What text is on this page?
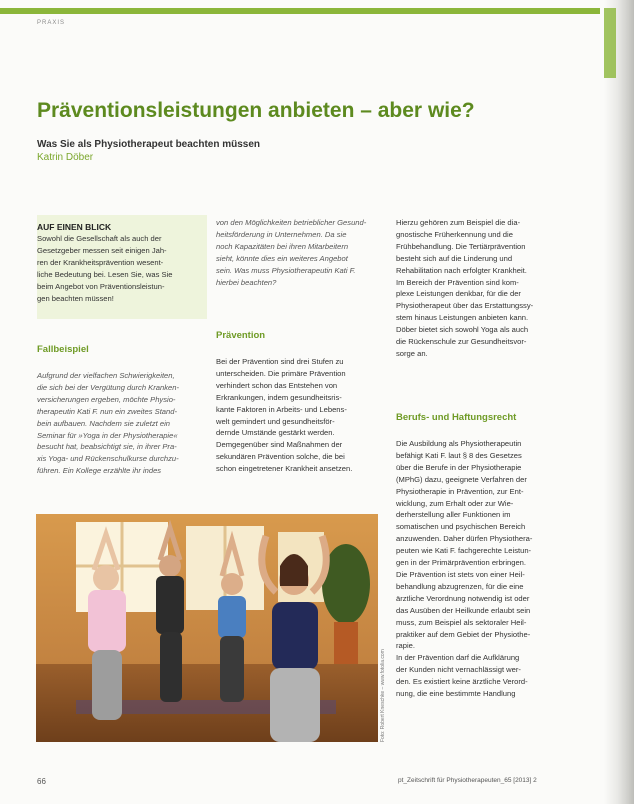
PRAXIS
Präventionsleistungen anbieten – aber wie?
Was Sie als Physiotherapeut beachten müssen
Katrin Döber
AUF EINEN BLICK

Sowohl die Gesellschaft als auch der
Gesetzgeber messen seit einigen Jah-
ren der Krankheitsprävention wesent-
liche Bedeutung bei. Lesen Sie, was Sie
beim Angebot von Präventionsleistun-
gen beachten müssen!

Fallbeispiel

Aufgrund der vielfachen Schwierigkeiten,
die sich bei der Vergütung durch Kranken-
versicherungen ergeben, möchte Physio-
therapeutin Kati F. nun ein zweites Stand-
bein aufbauen. Nachdem sie zuletzt ein
Seminar für »Yoga in der Physiotherapie«
besucht hat, beabsichtigt sie, in ihrer Pra-
xis Yoga- und Rückenschulkurse durchzu-
führen. Ein Kollege erzählte ihr indes

von den Möglichkeiten betrieblicher Gesund-
heitsförderung in Unternehmen. Da sie
noch Kapazitäten bei ihren Mitarbeitern
sieht, könnte dies ein weiteres Angebot
sein. Was muss Physiotherapeutin Kati F.
hierbei beachten?

Prävention

Bei der Prävention sind drei Stufen zu
unterscheiden. Die primäre Prävention
verhindert schon das Entstehen von
Erkrankungen, indem gesundheitsris-
kante Faktoren in Arbeits- und Lebens-
welt gemindert und gesundheitsför-
dernde Umstände gestärkt werden.
Demgegenüber sind Maßnahmen der
sekundären Prävention solche, die bei
schon eingetretener Krankheit ansetzen.

Hierzu gehören zum Beispiel die dia-
gnostische Früherkennung und die
Frühbehandlung. Die Tertiärprävention
besteht sich auf die Linderung und
Rehabilitation nach erfolgter Krankheit.
Im Bereich der Prävention sind kom-
plexe Leistungen denkbar, für die der
Physiotherapeut über das Erstattungssy-
stem hinaus Leistungen anbieten kann.
Döber bietet sich sowohl Yoga als auch
die Rückenschule zur Gesundheitsvor-
sorge an.

Berufs- und Haftungsrecht

Die Ausbildung als Physiotherapeutin
befähigt Kati F. laut § 8 des Gesetzes
über die Berufe in der Physiotherapie
(MPhG) dazu, geeignete Verfahren der
Physiotherapie in Prävention, zur Ent-
wicklung, zum Erhalt oder zur Wie-
derherstellung aller Funktionen im
somatischen und psychischen Bereich
anzuwenden. Daher dürfen Physiothera-
peuten wie Kati F. fachgerechte Leistun-
gen in der Primärprävention erbringen.
Die Prävention ist stets von einer Heil-
behandlung abzugrenzen, für die eine
ärztliche Verordnung notwendig ist oder
das Ausüben der Heilkunde erlaubt sein
muss, zum Beispiel als sektoraler Heil-
praktiker auf dem Gebiet der Physiothe-
rapie.
In der Prävention darf die Aufklärung
der Kunden nicht vernachlässigt wer-
den. Es existiert keine ärztliche Verord-
nung, die eine bestimmte Handlung

Foto: Robert Kneschke – www.fotolia.com
66	pt_Zeitschrift für Physiotherapeuten_65 [2013] 2
